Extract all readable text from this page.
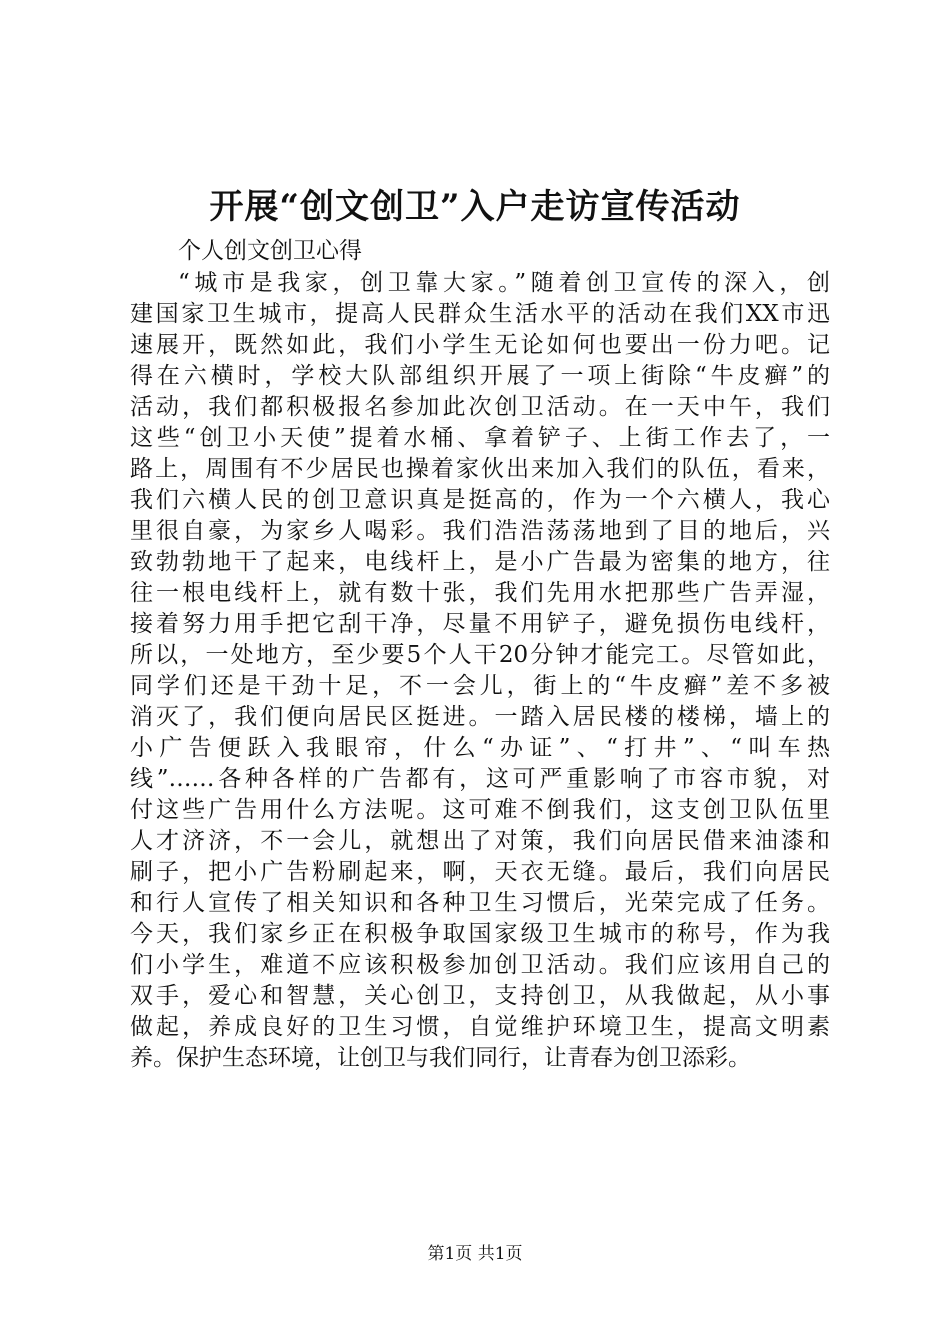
开展“创文创卫”入户走访宣传活动

个人创文创卫心得

“城市是我家，创卫靠大家。”随着创卫宣传的深入，创
建国家卫生城市，提高人民群众生活水平的活动在我们XX市迅
速展开，既然如此，我们小学生无论如何也要出一份力吧。记
得在六横时，学校大队部组织开展了一项上街除“牛皮癣”的
活动，我们都积极报名参加此次创卫活动。在一天中午，我们
这些“创卫小天使”提着水桶、拿着铲子、上街工作去了，一
路上，周围有不少居民也操着家伙出来加入我们的队伍，看来，
我们六横人民的创卫意识真是挺高的，作为一个六横人，我心
里很自豪，为家乡人喝彩。我们浩浩荡荡地到了目的地后，兴
致勃勃地干了起来，电线杆上，是小广告最为密集的地方，往
往一根电线杆上，就有数十张，我们先用水把那些广告弄湿，
接着努力用手把它刮干净，尽量不用铲子，避免损伤电线杆，
所以，一处地方，至少要5个人干20分钟才能完工。尽管如此，
同学们还是干劲十足，不一会儿，街上的“牛皮癣”差不多被
消灭了，我们便向居民区挺进。一踏入居民楼的楼梯，墙上的
小广告便跃入我眼帘，什么“办证”、“打井”、“叫车热
线”……各种各样的广告都有，这可严重影响了市容市貌，对
付这些广告用什么方法呢。这可难不倒我们，这支创卫队伍里
人才济济，不一会儿，就想出了对策，我们向居民借来油漆和
刷子，把小广告粉刷起来，啊，天衣无缝。最后，我们向居民
和行人宣传了相关知识和各种卫生习惯后，光荣完成了任务。
今天，我们家乡正在积极争取国家级卫生城市的称号，作为我
们小学生，难道不应该积极参加创卫活动。我们应该用自己的
双手，爱心和智慧，关心创卫，支持创卫，从我做起，从小事
做起，养成良好的卫生习惯，自觉维护环境卫生，提高文明素
养。保护生态环境，让创卫与我们同行，让青春为创卫添彩。

第1页 共1页
